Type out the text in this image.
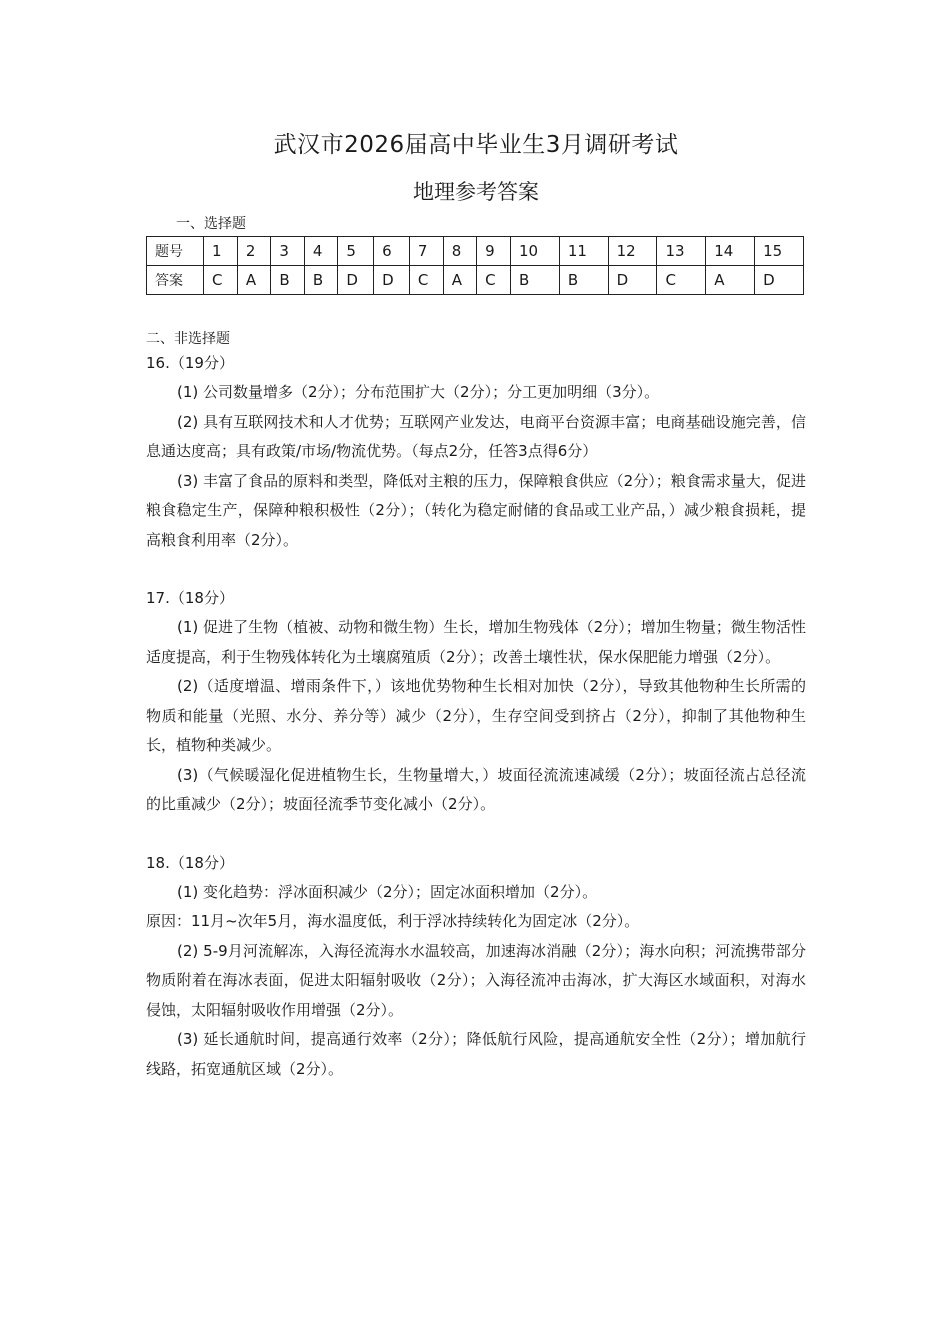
武汉市2026届高中毕业生3月调研考试
地理参考答案

一、选择题

题号	1	2	3	4	5	6	7	8	9	10	11	12	13	14	15
答案	C	A	B	B	D	D	C	A	C	B	B	D	C	A	D

二、非选择题

16.（19分）

(1) 公司数量增多（2分）；分布范围扩大（2分）；分工更加明细（3分）。

(2) 具有互联网技术和人才优势；互联网产业发达，电商平台资源丰富；电商基础设施完善，信息通达度高；具有政策/市场/物流优势。（每点2分，任答3点得6分）

(3) 丰富了食品的原料和类型，降低对主粮的压力，保障粮食供应（2分）；粮食需求量大，促进粮食稳定生产，保障种粮积极性（2分）；（转化为稳定耐储的食品或工业产品，）减少粮食损耗，提高粮食利用率（2分）。

17.（18分）

(1) 促进了生物（植被、动物和微生物）生长，增加生物残体（2分）；增加生物量；微生物活性适度提高，利于生物残体转化为土壤腐殖质（2分）；改善土壤性状，保水保肥能力增强（2分）。

(2)（适度增温、增雨条件下，）该地优势物种生长相对加快（2分），导致其他物种生长所需的物质和能量（光照、水分、养分等）减少（2分），生存空间受到挤占（2分），抑制了其他物种生长，植物种类减少。

(3)（气候暖湿化促进植物生长，生物量增大，）坡面径流流速减缓（2分）；坡面径流占总径流的比重减少（2分）；坡面径流季节变化减小（2分）。

18.（18分）

(1) 变化趋势：浮冰面积减少（2分）；固定冰面积增加（2分）。

原因：11月~次年5月，海水温度低，利于浮冰持续转化为固定冰（2分）。

(2) 5-9月河流解冻，入海径流海水水温较高，加速海冰消融（2分）；海水向积；河流携带部分物质附着在海冰表面，促进太阳辐射吸收（2分）；入海径流冲击海冰，扩大海区水域面积，对海水侵蚀，太阳辐射吸收作用增强（2分）。

(3) 延长通航时间，提高通行效率（2分）；降低航行风险，提高通航安全性（2分）；增加航行线路，拓宽通航区域（2分）。
